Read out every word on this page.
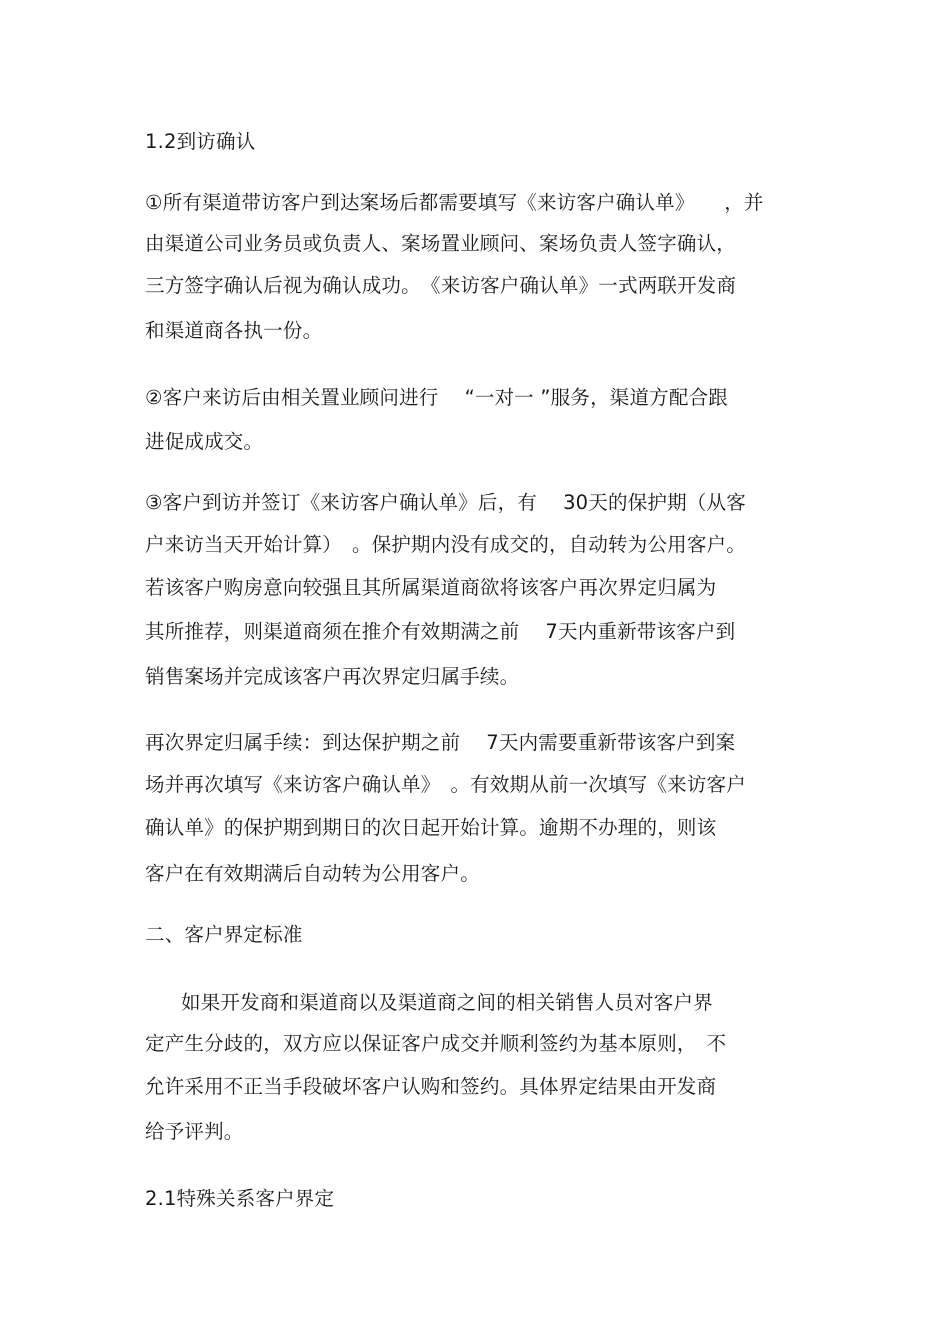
1.2到访确认
①所有渠道带访客户到达案场后都需要填写《来访客户确认单》　　，并
由渠道公司业务员或负责人、案场置业顾问、案场负责人签字确认，
三方签字确认后视为确认成功。　《来访客户确认单》一式两联开发商
和渠道商各执一份。
②客户来访后由相关置业顾问进行　 “一对一 ”服务，渠道方配合跟
进促成成交。
③客户到访并签订《来访客户确认单》后，有　 30天的保护期（从客
户来访当天开始计算）　。保护期内没有成交的，自动转为公用客户。
若该客户购房意向较强且其所属渠道商欲将该客户再次界定归属为
其所推荐，则渠道商须在推介有效期满之前　 7天内重新带该客户到
销售案场并完成该客户再次界定归属手续。
再次界定归属手续：到达保护期之前　 7天内需要重新带该客户到案
场并再次填写《来访客户确认单》　。有效期从前一次填写《来访客户
确认单》的保护期到期日的次日起开始计算。逾期不办理的，则该
客户在有效期满后自动转为公用客户。
二、客户界定标准
如果开发商和渠道商以及渠道商之间的相关销售人员对客户界
定产生分歧的，双方应以保证客户成交并顺利签约为基本原则，　不
允许采用不正当手段破坏客户认购和签约。具体界定结果由开发商
给予评判。
2.1特殊关系客户界定
